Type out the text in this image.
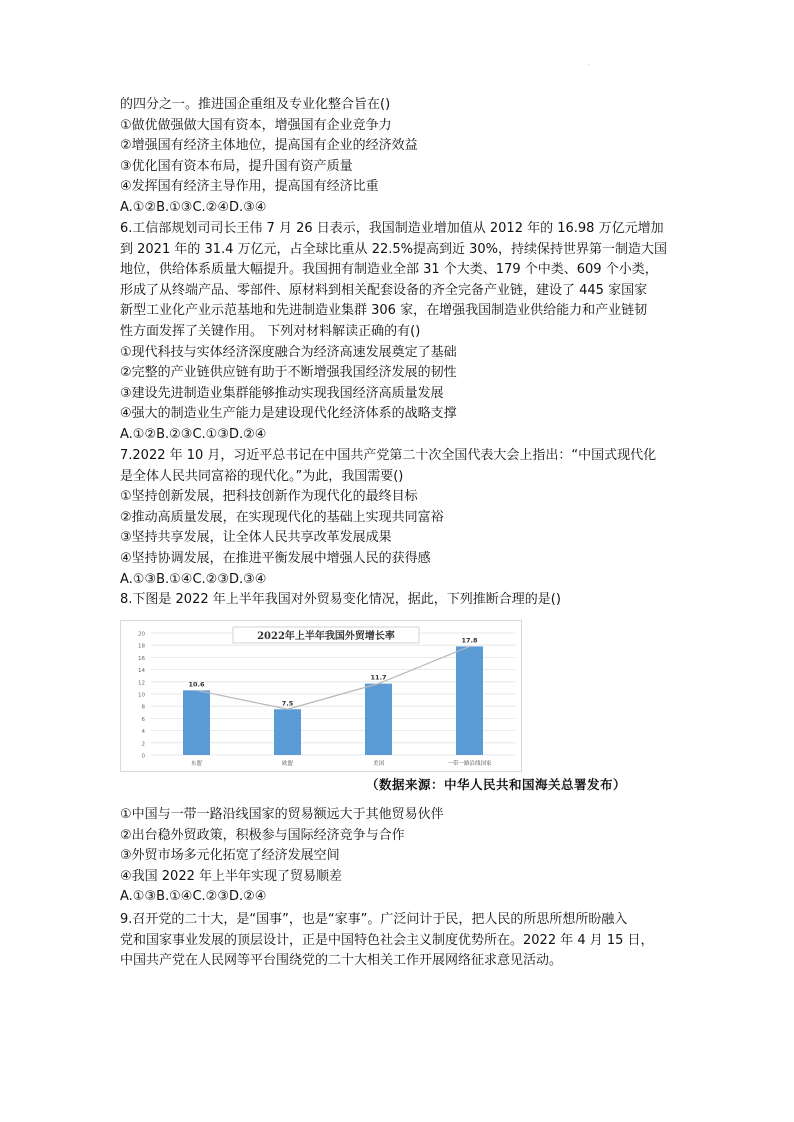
·
的四分之一。推进国企重组及专业化整合旨在()
①做优做强做大国有资本，增强国有企业竞争力
②增强国有经济主体地位，提高国有企业的经济效益
③优化国有资本布局，提升国有资产质量
④发挥国有经济主导作用，提高国有经济比重
A.①②B.①③C.②④D.③④
6.工信部规划司司长王伟 7 月 26 日表示，我国制造业增加值从 2012 年的 16.98 万亿元增加
到 2021 年的 31.4 万亿元，占全球比重从 22.5%提高到近 30%，持续保持世界第一制造大国
地位，供给体系质量大幅提升。我国拥有制造业全部 31 个大类、179 个中类、609 个小类，
形成了从终端产品、零部件、原材料到相关配套设备的齐全完备产业链，建设了 445 家国家
新型工业化产业示范基地和先进制造业集群 306 家，在增强我国制造业供给能力和产业链韧
性方面发挥了关键作用。 下列对材料解读正确的有()
①现代科技与实体经济深度融合为经济高速发展奠定了基础
②完整的产业链供应链有助于不断增强我国经济发展的韧性
③建设先进制造业集群能够推动实现我国经济高质量发展
④强大的制造业生产能力是建设现代化经济体系的战略支撑
A.①②B.②③C.①③D.②④
7.2022 年 10 月，习近平总书记在中国共产党第二十次全国代表大会上指出：“中国式现代化
是全体人民共同富裕的现代化。”为此，我国需要()
①坚持创新发展，把科技创新作为现代化的最终目标
②推动高质量发展，在实现现代化的基础上实现共同富裕
③坚持共享发展，让全体人民共享改革发展成果
④坚持协调发展，在推进平衡发展中增强人民的获得感
A.①③B.①④C.②③D.③④
8.下图是 2022 年上半年我国对外贸易变化情况，据此，下列推断合理的是()
0
2
4
6
8
10
12
14
16
18
20
10.6
东盟
7.5
欧盟
11.7
美国
17.8
一带一路沿线国家
2022年上半年我国外贸增长率
（数据来源：中华人民共和国海关总署发布）
①中国与一带一路沿线国家的贸易额远大于其他贸易伙伴
②出台稳外贸政策，积极参与国际经济竞争与合作
③外贸市场多元化拓宽了经济发展空间
④我国 2022 年上半年实现了贸易顺差
A.①③B.①④C.②③D.②④
9.召开党的二十大，是“国事”，也是“家事”。广泛问计于民，把人民的所思所想所盼融入
党和国家事业发展的顶层设计，正是中国特色社会主义制度优势所在。2022 年 4 月 15 日，
中国共产党在人民网等平台围绕党的二十大相关工作开展网络征求意见活动。
